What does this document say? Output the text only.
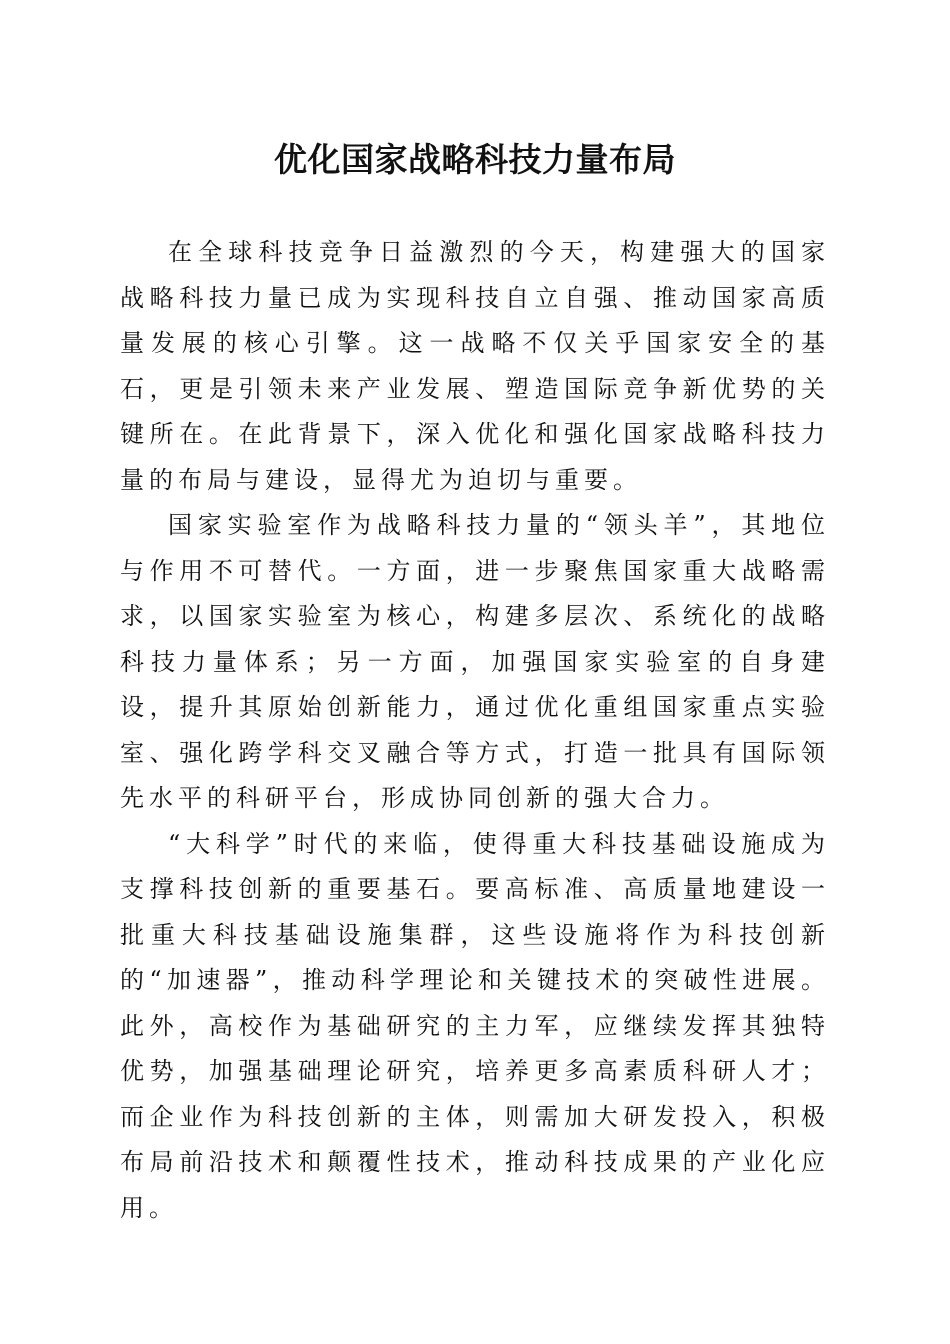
优化国家战略科技力量布局

在全球科技竞争日益激烈的今天，构建强大的国家战略科技力量已成为实现科技自立自强、推动国家高质量发展的核心引擎。这一战略不仅关乎国家安全的基石，更是引领未来产业发展、塑造国际竞争新优势的关键所在。在此背景下，深入优化和强化国家战略科技力量的布局与建设，显得尤为迫切与重要。

国家实验室作为战略科技力量的“领头羊”，其地位与作用不可替代。一方面，进一步聚焦国家重大战略需求，以国家实验室为核心，构建多层次、系统化的战略科技力量体系；另一方面，加强国家实验室的自身建设，提升其原始创新能力，通过优化重组国家重点实验室、强化跨学科交叉融合等方式，打造一批具有国际领先水平的科研平台，形成协同创新的强大合力。

“大科学”时代的来临，使得重大科技基础设施成为支撑科技创新的重要基石。要高标准、高质量地建设一批重大科技基础设施集群，这些设施将作为科技创新的“加速器”，推动科学理论和关键技术的突破性进展。此外，高校作为基础研究的主力军，应继续发挥其独特优势，加强基础理论研究，培养更多高素质科研人才；而企业作为科技创新的主体，则需加大研发投入，积极布局前沿技术和颠覆性技术，推动科技成果的产业化应用。
